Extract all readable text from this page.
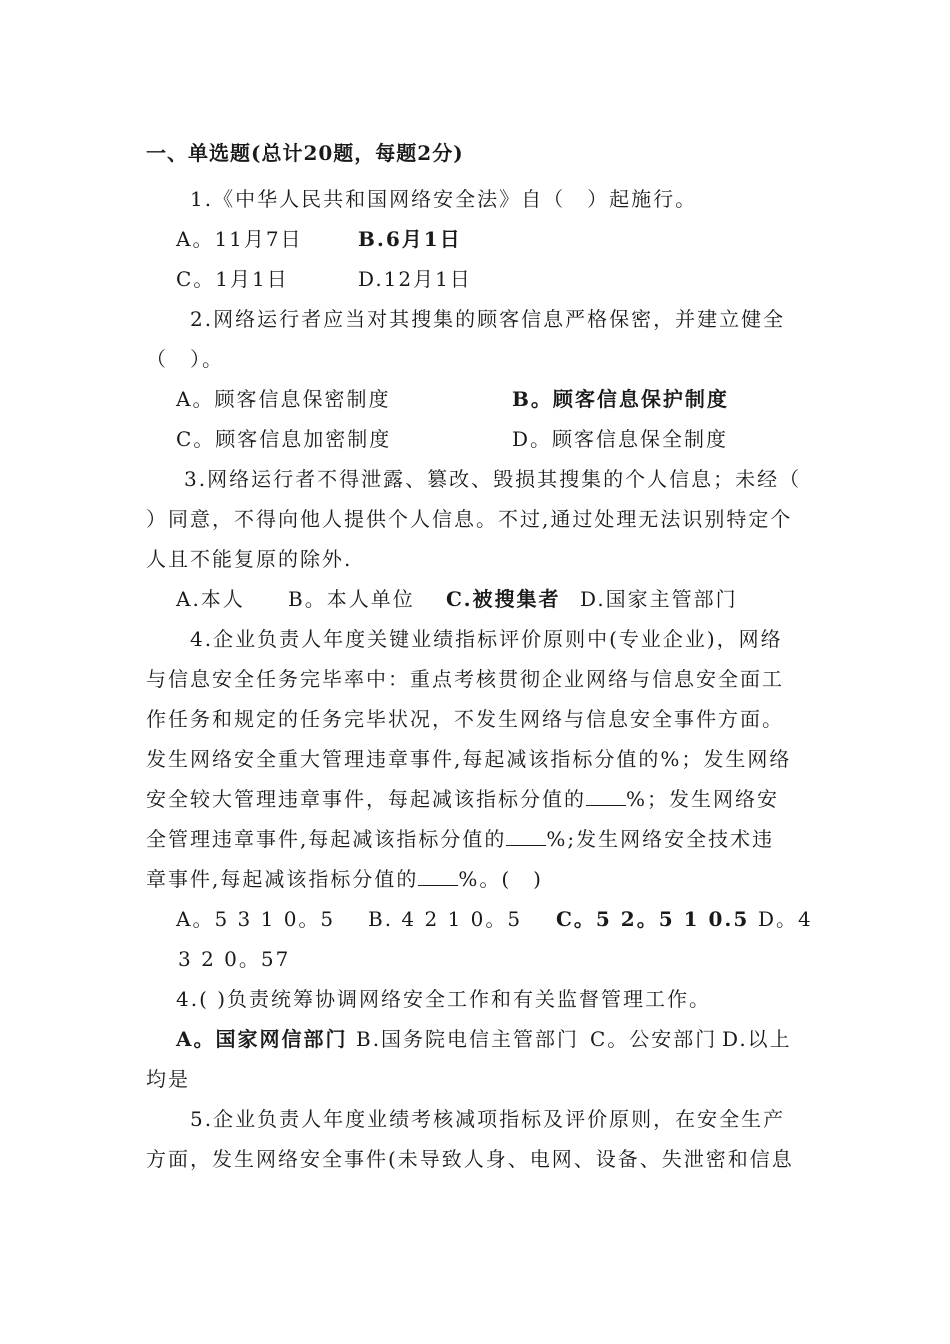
一、单选题(总计20题，每题2分)
1.《中华人民共和国网络安全法》自（　）起施行。
A。11月7日	B.6月1日
C。1月1日	D.12月1日
2.网络运行者应当对其搜集的顾客信息严格保密，并建立健全
（　）。
A。顾客信息保密制度	B。顾客信息保护制度
C。顾客信息加密制度	D。顾客信息保全制度
3.网络运行者不得泄露、篡改、毁损其搜集的个人信息；未经（
）同意，不得向他人提供个人信息。不过,通过处理无法识别特定个
人且不能复原的除外.
A.本人 B。本人单位 C.被搜集者 D.国家主管部门
4.企业负责人年度关键业绩指标评价原则中(专业企业)，网络
与信息安全任务完毕率中：重点考核贯彻企业网络与信息安全面工
作任务和规定的任务完毕状况，不发生网络与信息安全事件方面。
发生网络安全重大管理违章事件,每起减该指标分值的%；发生网络
安全较大管理违章事件，每起减该指标分值的 %；发生网络安
全管理违章事件,每起减该指标分值的 %;发生网络安全技术违
章事件,每起减该指标分值的 %。(　)
A。5 3 1 0。5 B. 4 2 1 0。5 C。5 2。5 1 0.5 D。4
3 2 0。57
4.( )负责统筹协调网络安全工作和有关监督管理工作。
A。国家网信部门 B.国务院电信主管部门 C。公安部门 D.以上
均是
5.企业负责人年度业绩考核减项指标及评价原则，在安全生产
方面，发生网络安全事件(未导致人身、电网、设备、失泄密和信息
